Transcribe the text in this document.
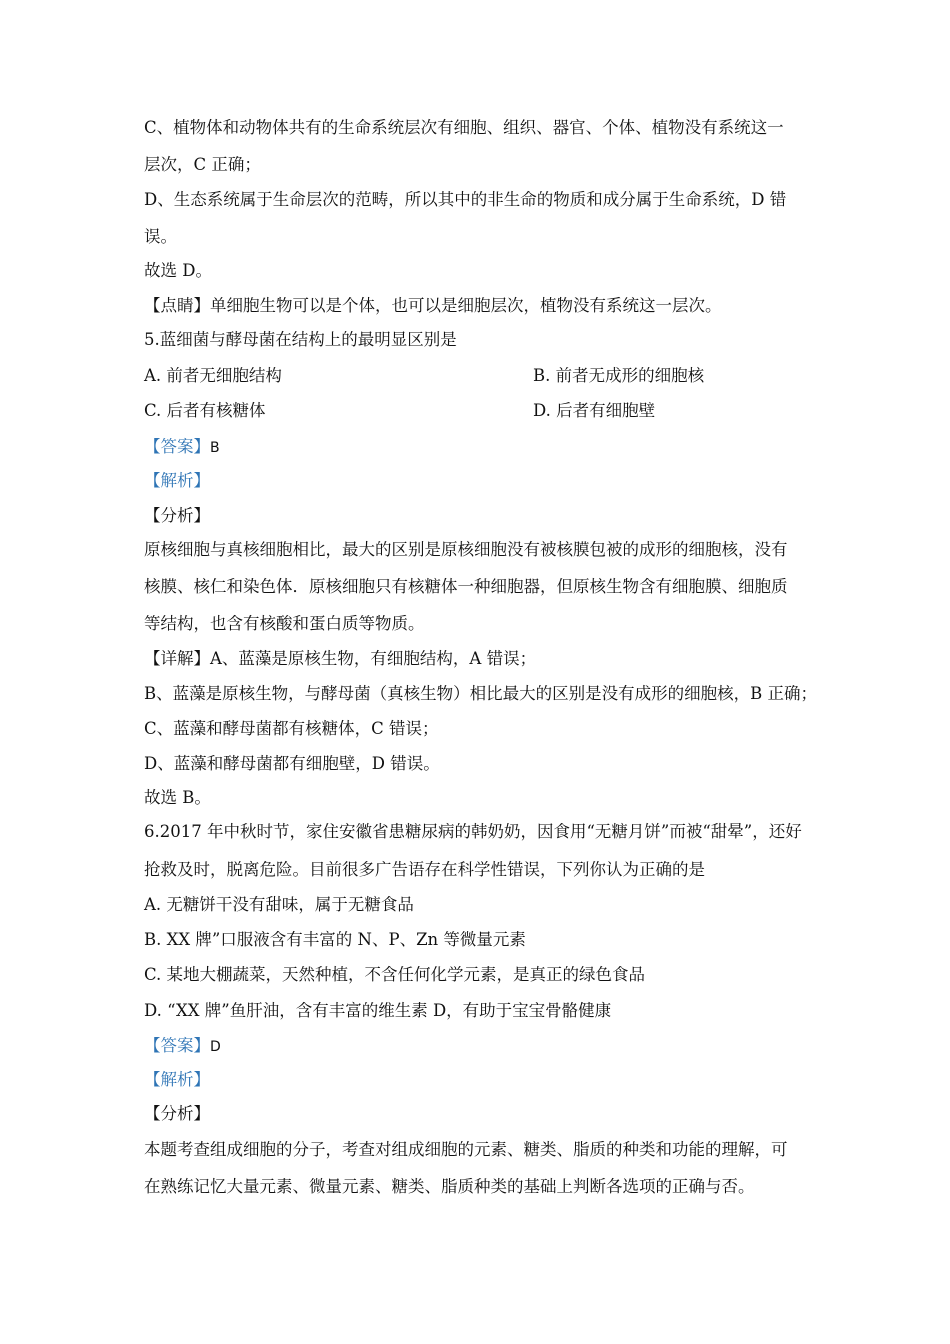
C、植物体和动物体共有的生命系统层次有细胞、组织、器官、个体、植物没有系统这一
层次，C 正确；
D、生态系统属于生命层次的范畴，所以其中的非生命的物质和成分属于生命系统，D 错
误。
故选 D。
【点睛】单细胞生物可以是个体，也可以是细胞层次，植物没有系统这一层次。
5.蓝细菌与酵母菌在结构上的最明显区别是
A. 前者无细胞结构	B. 前者无成形的细胞核
C. 后者有核糖体	D. 后者有细胞壁
【答案】B
【解析】
【分析】
原核细胞与真核细胞相比，最大的区别是原核细胞没有被核膜包被的成形的细胞核，没有
核膜、核仁和染色体．原核细胞只有核糖体一种细胞器，但原核生物含有细胞膜、细胞质
等结构，也含有核酸和蛋白质等物质。
【详解】A、蓝藻是原核生物，有细胞结构，A 错误；
B、蓝藻是原核生物，与酵母菌（真核生物）相比最大的区别是没有成形的细胞核，B 正确；
C、蓝藻和酵母菌都有核糖体，C 错误；
D、蓝藻和酵母菌都有细胞壁，D 错误。
故选 B。
6.2017 年中秋时节，家住安徽省患糖尿病的韩奶奶，因食用“无糖月饼”而被“甜晕”，还好
抢救及时，脱离危险。目前很多广告语存在科学性错误，下列你认为正确的是
A. 无糖饼干没有甜味，属于无糖食品
B. XX 牌”口服液含有丰富的 N、P、Zn 等微量元素
C. 某地大棚蔬菜，天然种植，不含任何化学元素，是真正的绿色食品
D. “XX 牌”鱼肝油，含有丰富的维生素 D，有助于宝宝骨骼健康
【答案】D
【解析】
【分析】
本题考查组成细胞的分子，考查对组成细胞的元素、糖类、脂质的种类和功能的理解，可
在熟练记忆大量元素、微量元素、糖类、脂质种类的基础上判断各选项的正确与否。
